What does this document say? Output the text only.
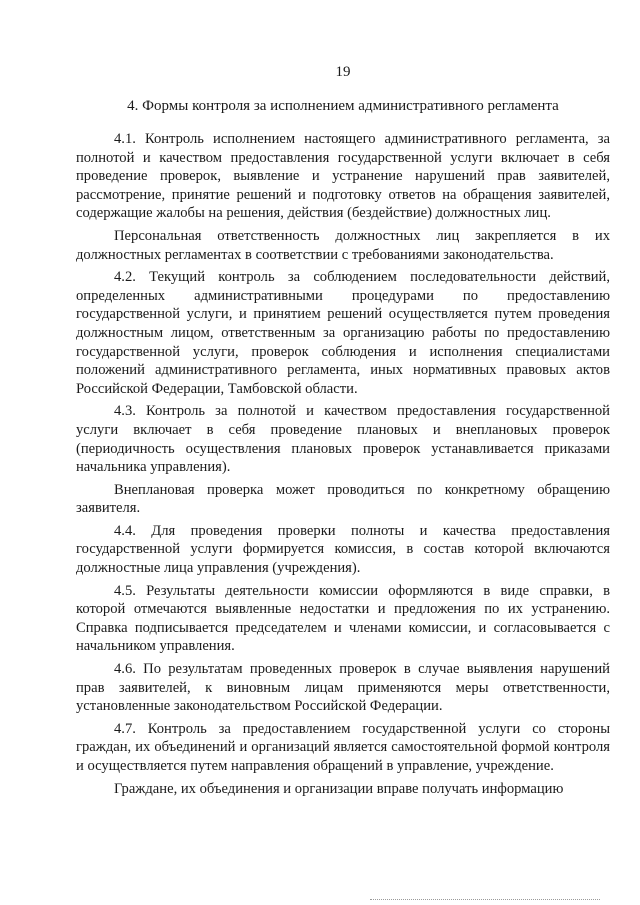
19
4. Формы контроля за исполнением административного регламента

4.1. Контроль исполнением настоящего административного регламента, за полнотой и качеством предоставления государственной услуги включает в себя проведение проверок, выявление и устранение нарушений прав заявителей, рассмотрение, принятие решений и подготовку ответов на обращения заявителей, содержащие жалобы на решения, действия (бездействие) должностных лиц.

Персональная ответственность должностных лиц закрепляется в их должностных регламентах в соответствии с требованиями законодательства.

4.2. Текущий контроль за соблюдением последовательности действий, определенных административными процедурами по предоставлению государственной услуги, и принятием решений осуществляется путем проведения должностным лицом, ответственным за организацию работы по предоставлению государственной услуги, проверок соблюдения и исполнения специалистами положений административного регламента, иных нормативных правовых актов Российской Федерации, Тамбовской области.

4.3. Контроль за полнотой и качеством предоставления государственной услуги включает в себя проведение плановых и внеплановых проверок (периодичность осуществления плановых проверок устанавливается приказами начальника управления).

Внеплановая проверка может проводиться по конкретному обращению заявителя.

4.4. Для проведения проверки полноты и качества предоставления государственной услуги формируется комиссия, в состав которой включаются должностные лица управления (учреждения).

4.5. Результаты деятельности комиссии оформляются в виде справки, в которой отмечаются выявленные недостатки и предложения по их устранению. Справка подписывается председателем и членами комиссии, и согласовывается с начальником управления.

4.6. По результатам проведенных проверок в случае выявления нарушений прав заявителей, к виновным лицам применяются меры ответственности, установленные законодательством Российской Федерации.

4.7. Контроль за предоставлением государственной услуги со стороны граждан, их объединений и организаций является самостоятельной формой контроля и осуществляется путем направления обращений в управление, учреждение.

Граждане, их объединения и организации вправе получать информацию
